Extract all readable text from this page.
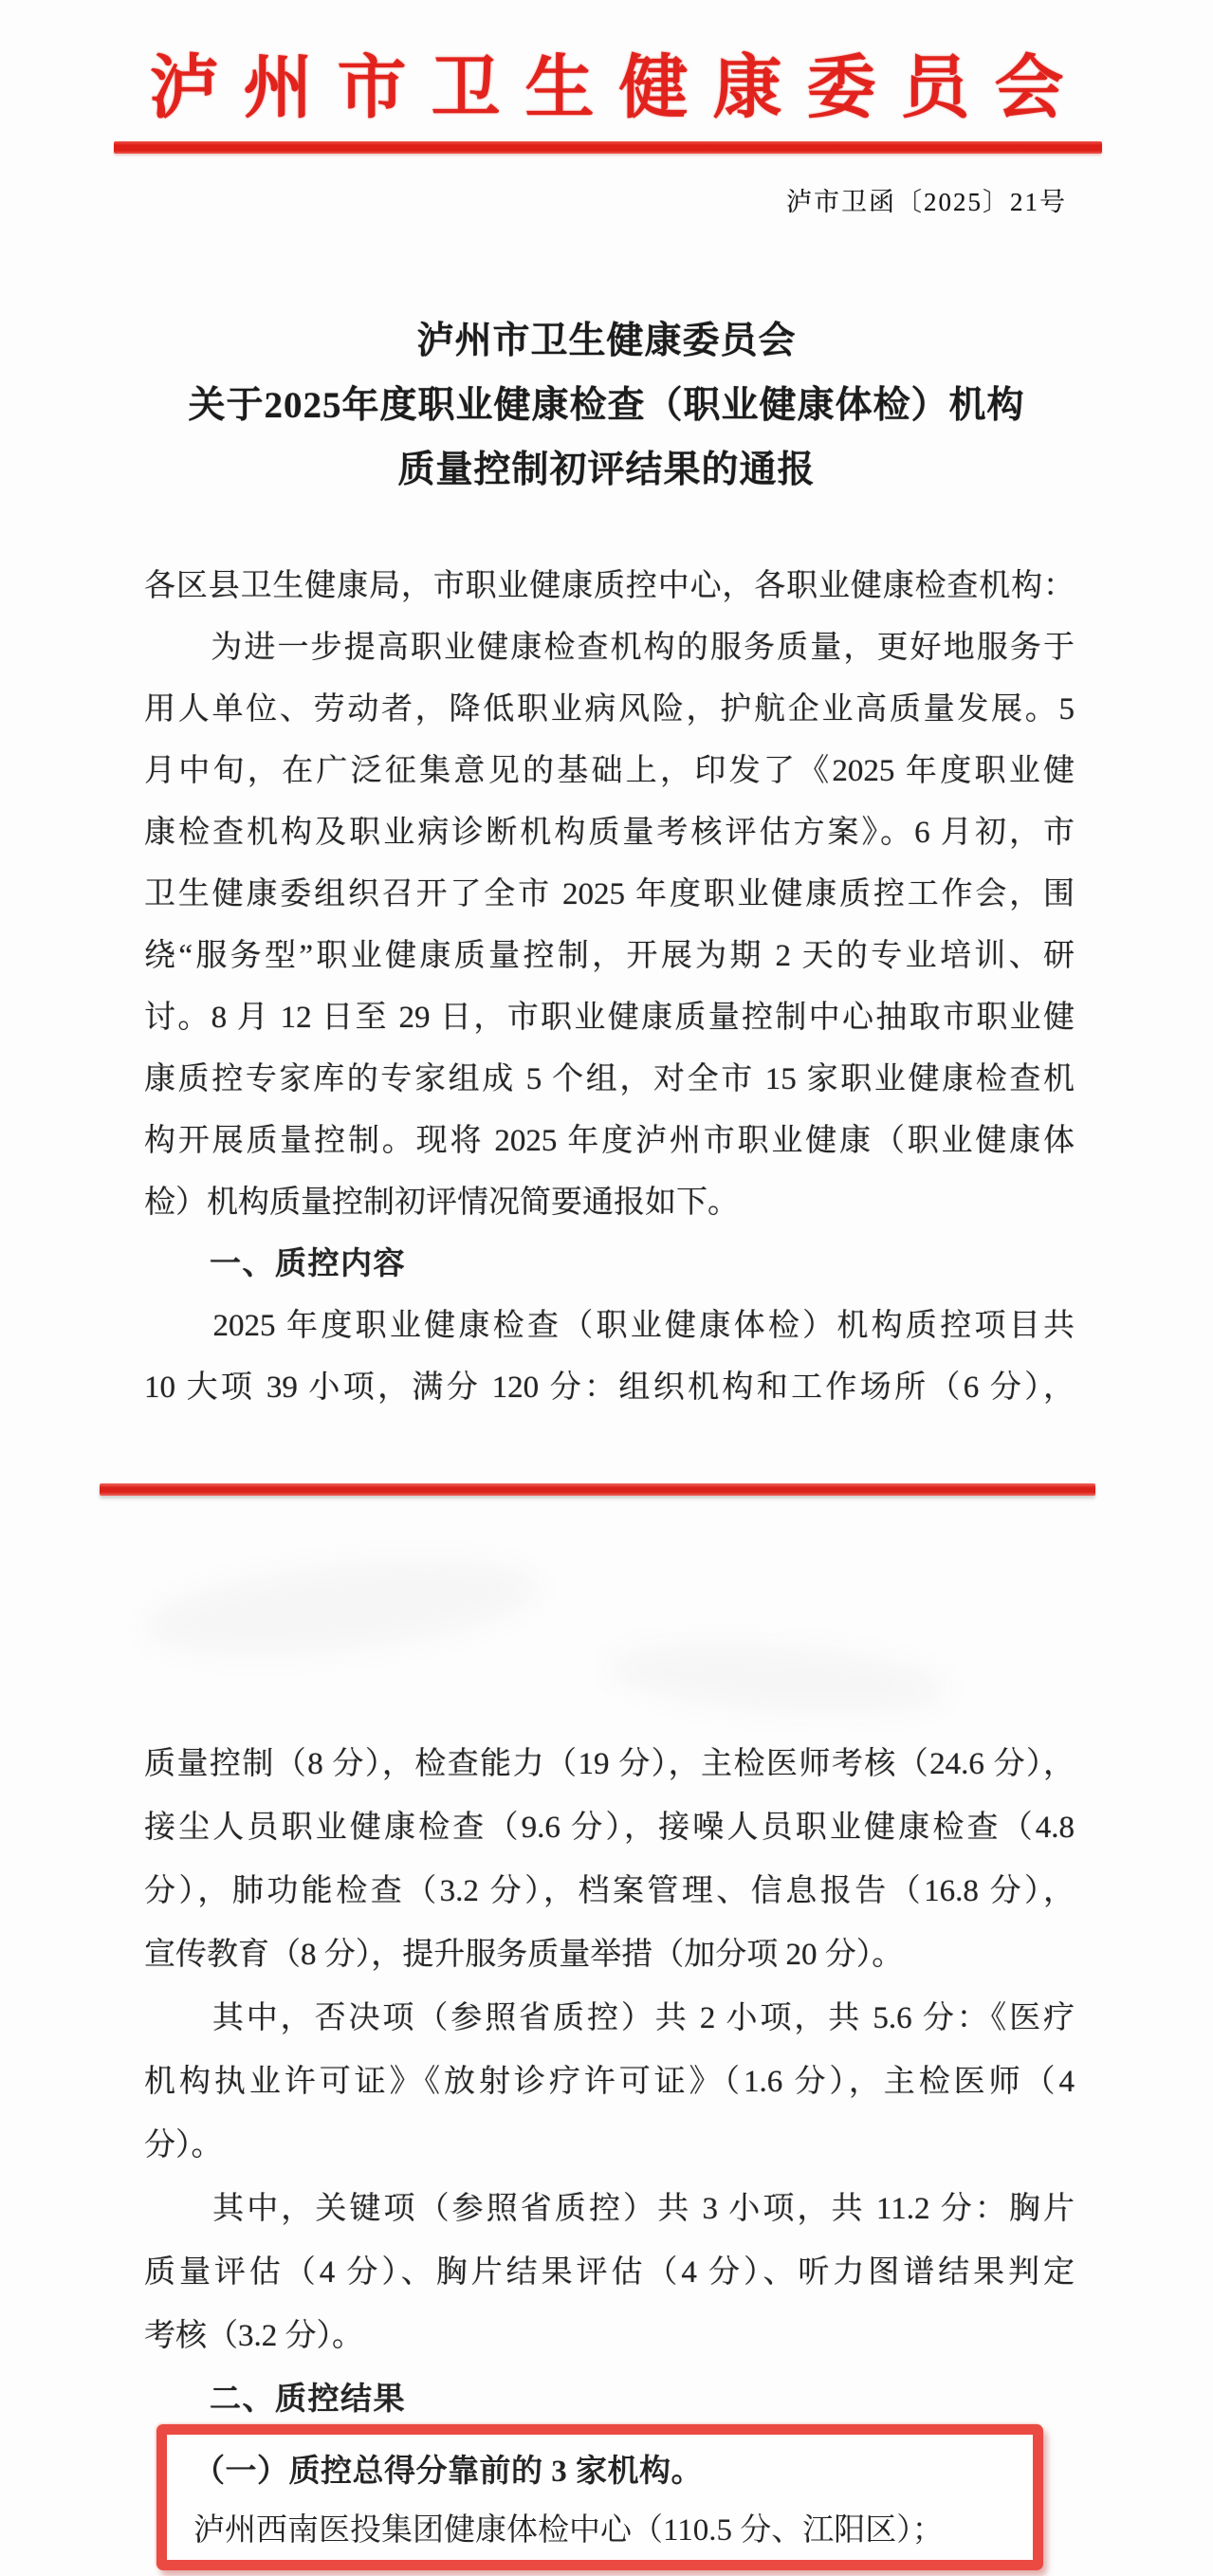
泸州市卫生健康委员会
泸市卫函〔2025〕21号
泸州市卫生健康委员会
关于2025年度职业健康检查（职业健康体检）机构
质量控制初评结果的通报
各区县卫生健康局，市职业健康质控中心，各职业健康检查机构：
　　为进一步提高职业健康检查机构的服务质量，更好地服务于
用人单位、劳动者，降低职业病风险，护航企业高质量发展。5
月中旬，在广泛征集意见的基础上，印发了《2025 年度职业健
康检查机构及职业病诊断机构质量考核评估方案》。6 月初，市
卫生健康委组织召开了全市 2025 年度职业健康质控工作会，围
绕“服务型”职业健康质量控制，开展为期 2 天的专业培训、研
讨。8 月 12 日至 29 日，市职业健康质量控制中心抽取市职业健
康质控专家库的专家组成 5 个组，对全市 15 家职业健康检查机
构开展质量控制。现将 2025 年度泸州市职业健康（职业健康体
检）机构质量控制初评情况简要通报如下。
　　一、质控内容
　　2025 年度职业健康检查（职业健康体检）机构质控项目共
10 大项 39 小项，满分 120 分：组织机构和工作场所（6 分），
质量控制（8 分），检查能力（19 分），主检医师考核（24.6 分），
接尘人员职业健康检查（9.6 分），接噪人员职业健康检查（4.8
分），肺功能检查（3.2 分），档案管理、信息报告（16.8 分），
宣传教育（8 分），提升服务质量举措（加分项 20 分）。
　　其中，否决项（参照省质控）共 2 小项，共 5.6 分：《医疗
机构执业许可证》《放射诊疗许可证》（1.6 分），主检医师（4
分）。
　　其中，关键项（参照省质控）共 3 小项，共 11.2 分：胸片
质量评估（4 分）、胸片结果评估（4 分）、听力图谱结果判定
考核（3.2 分）。
　　二、质控结果
（一）质控总得分靠前的 3 家机构。
泸州西南医投集团健康体检中心（110.5 分、江阳区）；
